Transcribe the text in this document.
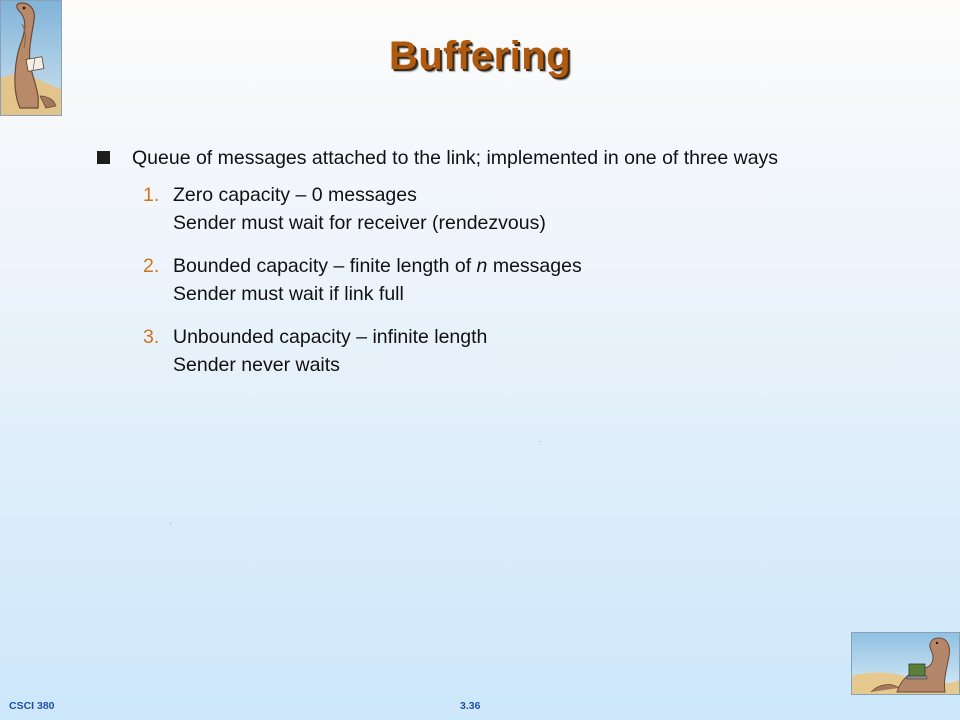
Buffering
Queue of messages attached to the link; implemented in one of three ways
1. Zero capacity – 0 messages
Sender must wait for receiver (rendezvous)
2. Bounded capacity – finite length of n messages
Sender must wait if link full
3. Unbounded capacity – infinite length
Sender never waits
CSCI 380	3.36
